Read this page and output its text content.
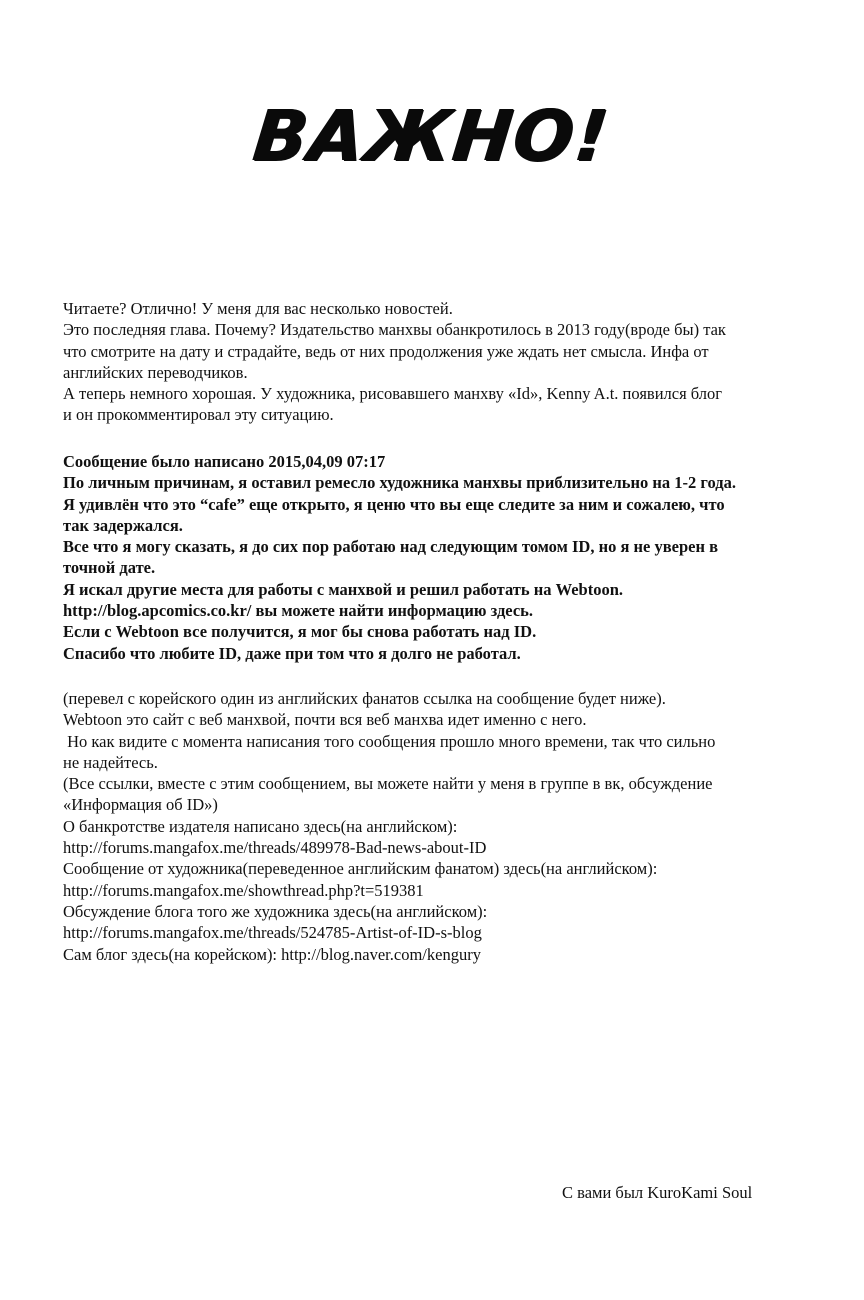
ВАЖНО!
Читаете? Отлично! У меня для вас несколько новостей.
Это последняя глава. Почему? Издательство манхвы обанкротилось в 2013 году(вроде бы) так
что смотрите на дату и страдайте, ведь от них продолжения уже ждать нет смысла. Инфа от
английских переводчиков.
А теперь немного хорошая. У художника, рисовавшего манхву «Id», Kenny A.t. появился блог
и он прокомментировал эту ситуацию.
Сообщение было написано 2015,04,09 07:17
По личным причинам, я оставил ремесло художника манхвы приблизительно на 1-2 года.
Я удивлён что это “cafe” еще открыто, я ценю что вы еще следите за ним и сожалею, что
так задержался.
Все что я могу сказать, я до сих пор работаю над следующим томом ID, но я не уверен в
точной дате.
Я искал другие места для работы с манхвой и решил работать на Webtoon.
http://blog.apcomics.co.kr/ вы можете найти информацию здесь.
Если с Webtoon все получится, я мог бы снова работать над ID.
Спасибо что любите ID, даже при том что я долго не работал.
(перевел с корейского один из английских фанатов ссылка на сообщение будет ниже).
Webtoon это сайт с веб манхвой, почти вся веб манхва идет именно с него.
Но как видите с момента написания того сообщения прошло много времени, так что сильно
не надейтесь.
(Все ссылки, вместе с этим сообщением, вы можете найти у меня в группе в вк, обсуждение
«Информация об ID»)
О банкротстве издателя написано здесь(на английском):
http://forums.mangafox.me/threads/489978-Bad-news-about-ID
Сообщение от художника(переведенное английским фанатом) здесь(на английском):
http://forums.mangafox.me/showthread.php?t=519381
Обсуждение блога того же художника здесь(на английском):
http://forums.mangafox.me/threads/524785-Artist-of-ID-s-blog
Сам блог здесь(на корейском): http://blog.naver.com/kengury
С вами был KuroKami Soul
